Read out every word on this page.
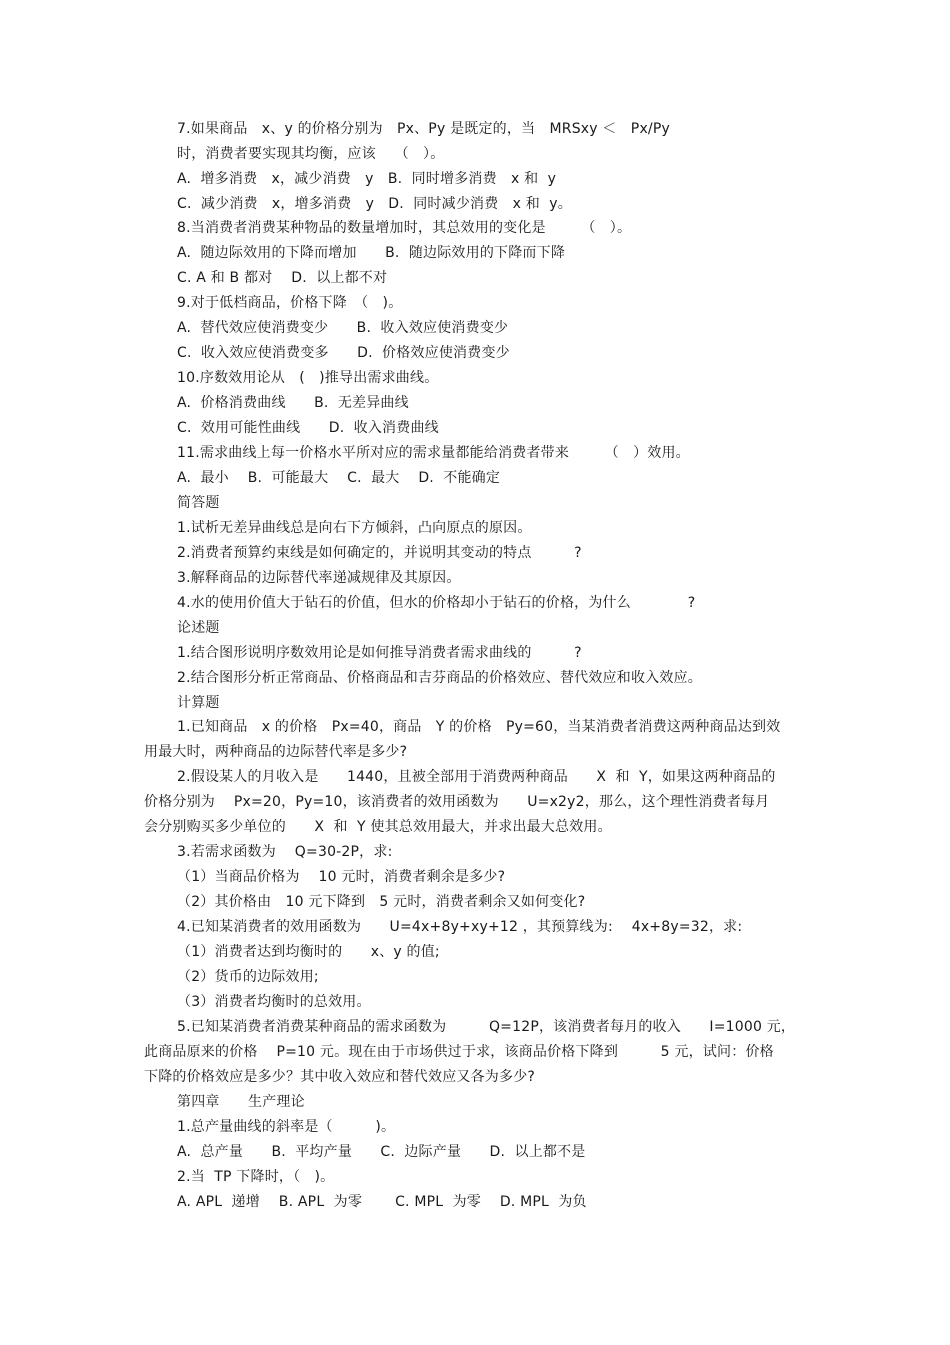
7.如果商品　x、y 的价格分别为　Px、Py 是既定的，当　MRSxy ＜　Px/Py
时，消费者要实现其均衡，应该　 （　）。
A.  增多消费　x，减少消费　y　B.  同时增多消费　x 和  y
C.  减少消费　x，增多消费　y　D.  同时减少消费　x 和  y。
8.当消费者消费某种物品的数量增加时，其总效用的变化是　　　（　）。
A.  随边际效用的下降而增加　　B.  随边际效用的下降而下降
C. A 和 B 都对　 D.  以上都不对
9.对于低档商品，价格下降　（　)。
A.  替代效应使消费变少　　B.  收入效应使消费变少
C.  收入效应使消费变多　　D.  价格效应使消费变少
10.序数效用论从　(　)推导出需求曲线。
A.  价格消费曲线　　B.  无差异曲线
C.  效用可能性曲线　　D.  收入消费曲线
11.需求曲线上每一价格水平所对应的需求量都能给消费者带来　　　（　）效用。
A.  最小　 B.  可能最大　 C.  最大　 D.  不能确定
简答题
1.试析无差异曲线总是向右下方倾斜，凸向原点的原因。
2.消费者预算约束线是如何确定的，并说明其变动的特点　　　?
3.解释商品的边际替代率递减规律及其原因。
4.水的使用价值大于钻石的价值，但水的价格却小于钻石的价格，为什么　　　　?
论述题
1.结合图形说明序数效用论是如何推导消费者需求曲线的　　　?
2.结合图形分析正常商品、价格商品和吉芬商品的价格效应、替代效应和收入效应。
计算题
1.已知商品　x 的价格　Px=40，商品　Y 的价格　Py=60，当某消费者消费这两种商品达到效
用最大时，两种商品的边际替代率是多少?
2.假设某人的月收入是　　1440，且被全部用于消费两种商品　　X  和  Y，如果这两种商品的
价格分别为　 Px=20，Py=10，该消费者的效用函数为　　U=x2y2，那么，这个理性消费者每月
会分别购买多少单位的　　X  和  Y 使其总效用最大，并求出最大总效用。
3.若需求函数为　 Q=30-2P，求:
（1）当商品价格为　 10 元时，消费者剩余是多少?
（2）其价格由　10 元下降到　5 元时，消费者剩余又如何变化?
4.已知某消费者的效用函数为　　U=4x+8y+xy+12 ，其预算线为:　 4x+8y=32，求:
（1）消费者达到均衡时的　　x、y 的值;
（2）货币的边际效用;
（3）消费者均衡时的总效用。
5.已知某消费者消费某种商品的需求函数为　　　Q=12P，该消费者每月的收入　　I=1000 元，
此商品原来的价格　 P=10 元。现在由于市场供过于求，该商品价格下降到　　　5 元，试问：价格
下降的价格效应是多少？其中收入效应和替代效应又各为多少?
第四章　　生产理论
1.总产量曲线的斜率是（　　　)。
A.  总产量　　B.  平均产量　　C.  边际产量　　D.  以上都不是
2.当  TP 下降时，（　)。
A. APL  递增　 B. APL  为零　　 C. MPL  为零　 D. MPL  为负
